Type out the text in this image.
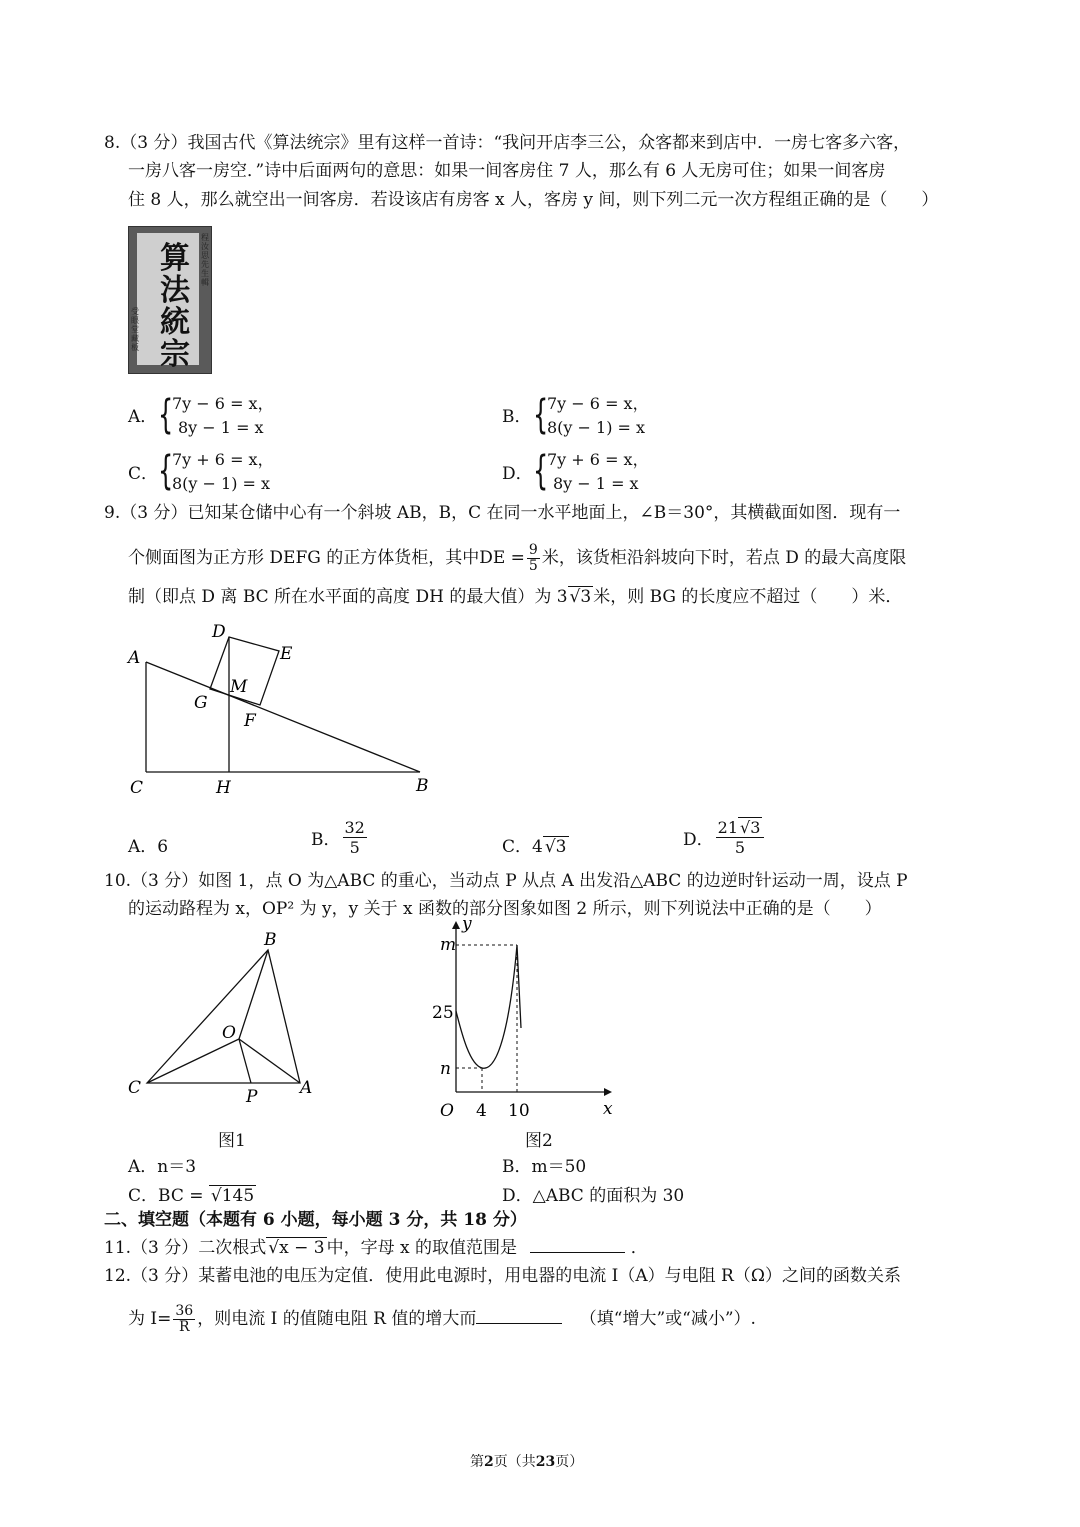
8.（3 分）我国古代《算法统宗》里有这样一首诗：“我问开店李三公，众客都来到店中．一房七客多六客，
一房八客一房空．”诗中后面两句的意思：如果一间客房住 7 人，那么有 6 人无房可住；如果一间客房
住 8 人，那么就空出一间客房．若设该店有房客 x 人，客房 y 间，则下列二元一次方程组正确的是（　　）
算法統宗
程汝思先生輯
受眼堂藏板
A． {
7y − 6 = x，
8y − 1 = x
B． {
7y − 6 = x，
8(y − 1) = x
C． {
7y + 6 = x，
8(y − 1) = x	D． {
7y + 6 = x，
8y − 1 = x
9.（3 分）已知某仓储中心有一个斜坡 AB，B，C 在同一水平地面上，∠B＝30°，其横截面如图．现有一
个侧面图为正方形 DEFG 的正方体货柜，其中DE = $\frac{9}{5}$ 米，该货柜沿斜坡向下时，若点 D 的最大高度限
制（即点 D 离 BC 所在水平面的高度 DH 的最大值）为 3 √3 米，则 BG 的长度应不超过（　　）米．
A
D
E
M
G
F
C	H	B
A．6	B． $\frac{32}{5}$	C．4 √3	D． $\frac{21 √3}{5}$
10.（3 分）如图 1，点 O 为△ABC 的重心，当动点 P 从点 A 出发沿△ABC 的边逆时针运动一周，设点 P
的运动路程为 x，OP² 为 y，y 关于 x 函数的部分图象如图 2 所示，则下列说法中正确的是（　　）
B
O
C	A
P
图1
y
m
25
n
O 4 10	x
图2
A．n＝3	B．m＝50
C．BC = √145	D．△ABC 的面积为 30
二、填空题（本题有 6 小题，每小题 3 分，共 18 分）
11.（3 分）二次根式 √x − 3 中，字母 x 的取值范围是	．
12.（3 分）某蓄电池的电压为定值．使用此电源时，用电器的电流 I（A）与电阻 R（Ω）之间的函数关系
为 $I= \frac{36}{R}$ ，则电流 I 的值随电阻 R 值的增大而	（填“增大”或“减小”）.
第2页（共23页）
